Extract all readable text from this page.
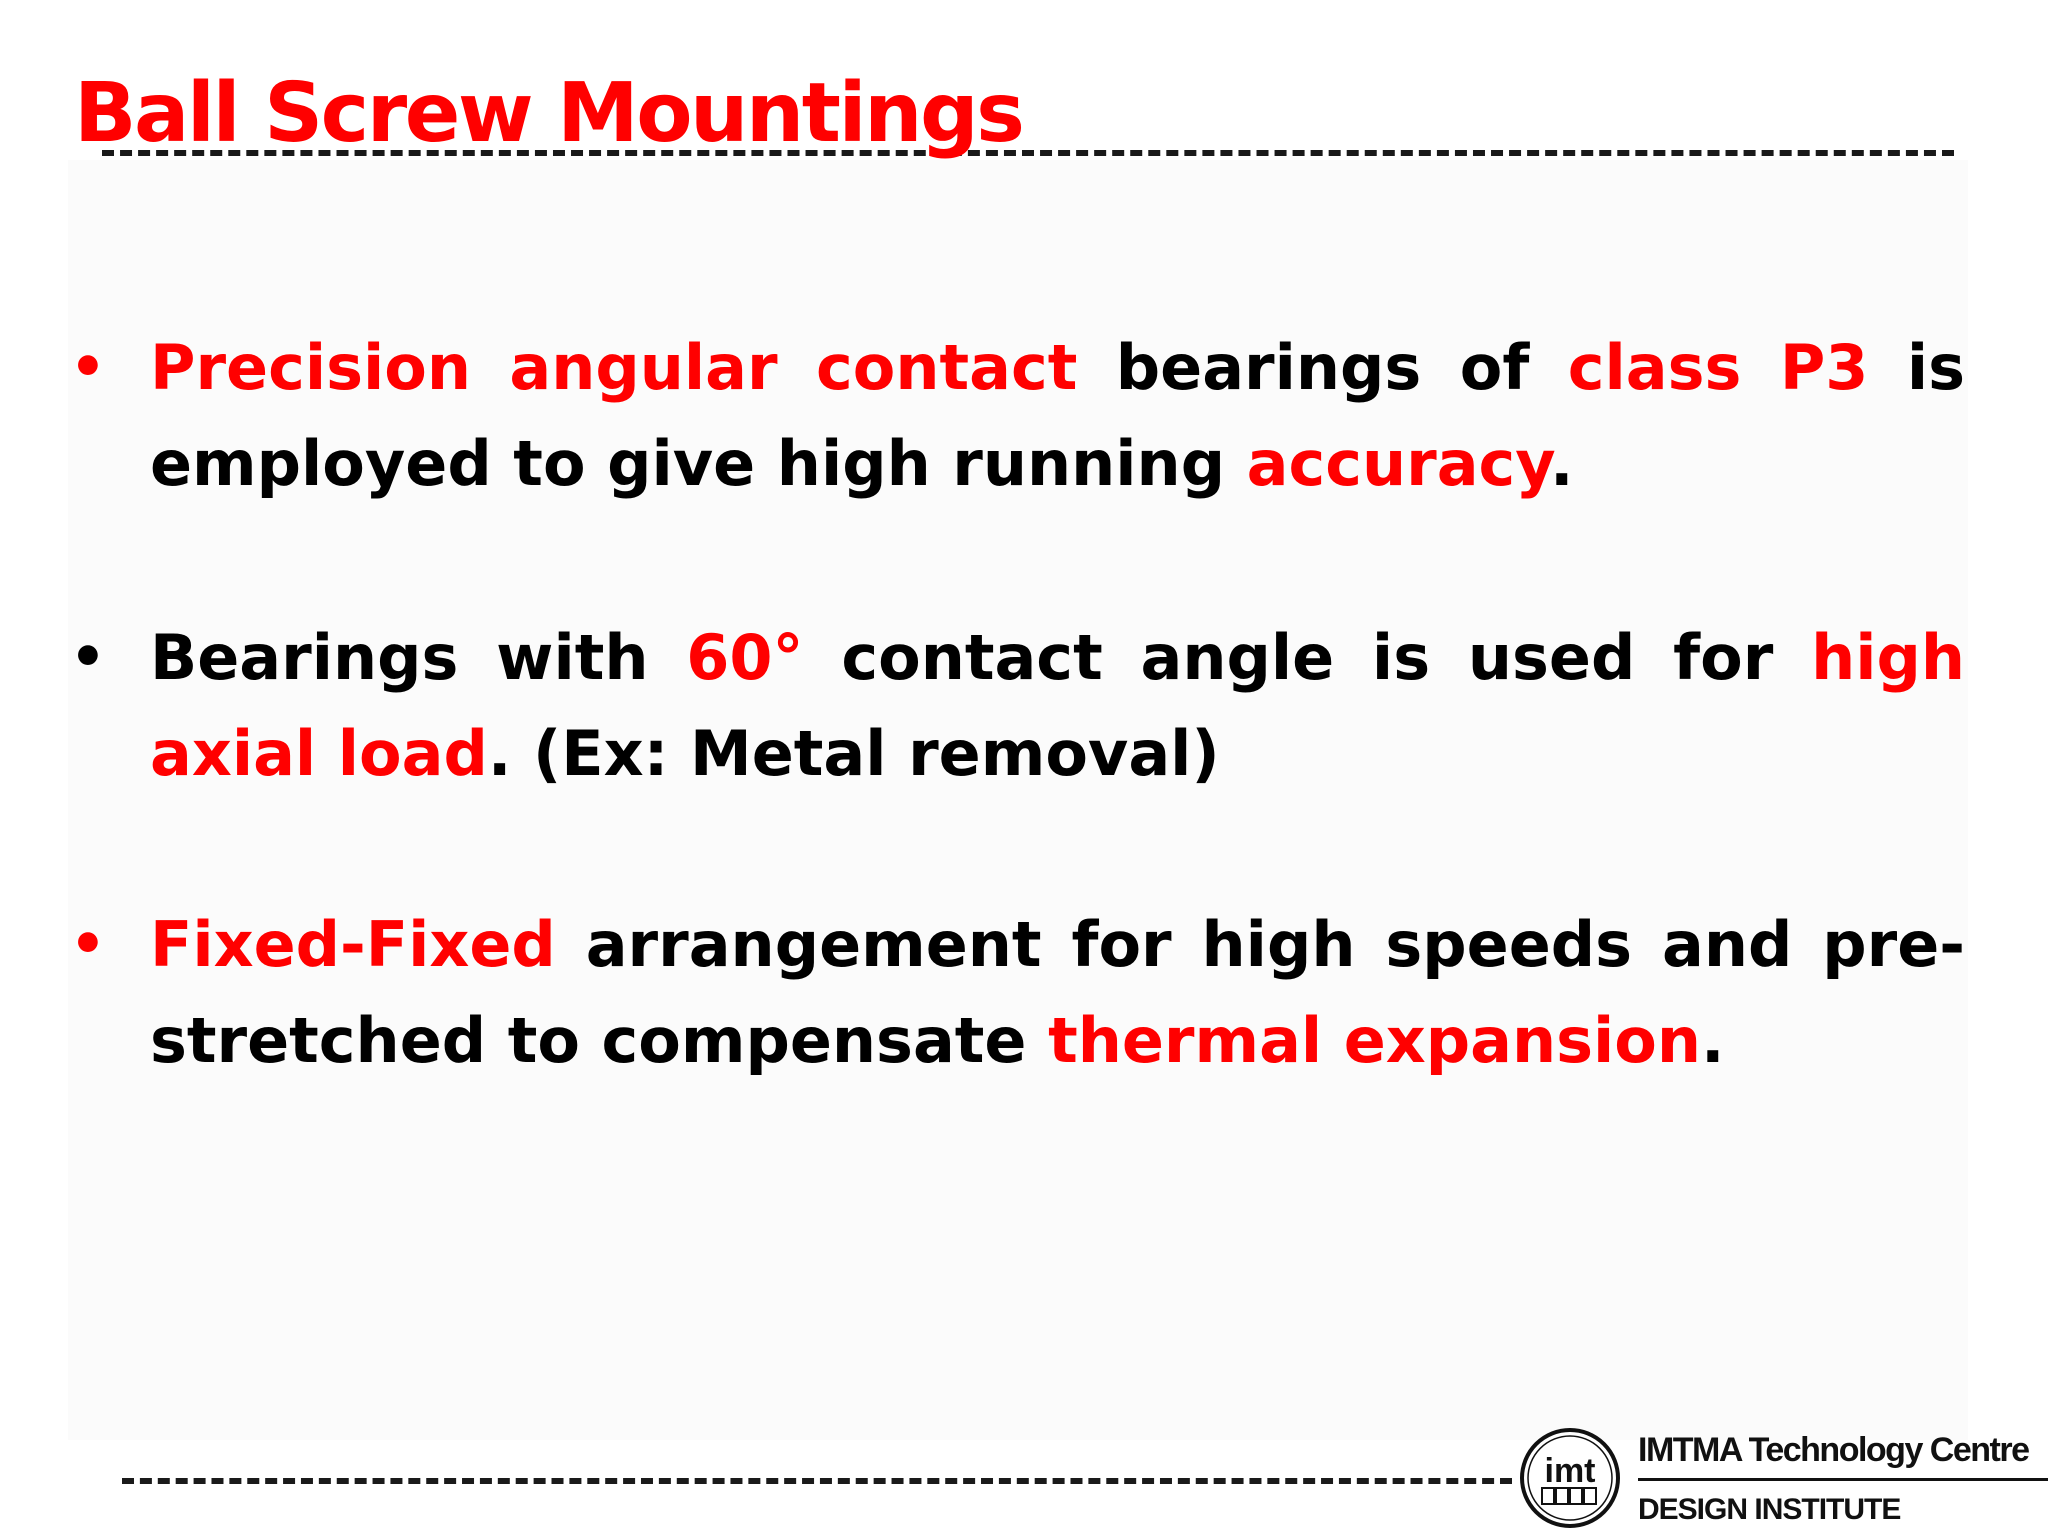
Ball Screw Mountings
• Precision angular contact bearings of class P3 is employed to give high running accuracy.
• Bearings with 60° contact angle is used for high axial load. (Ex: Metal removal)
• Fixed-Fixed arrangement for high speeds and pre-stretched to compensate thermal expansion.
imt
IMTMA Technology Centre
DESIGN INSTITUTE
